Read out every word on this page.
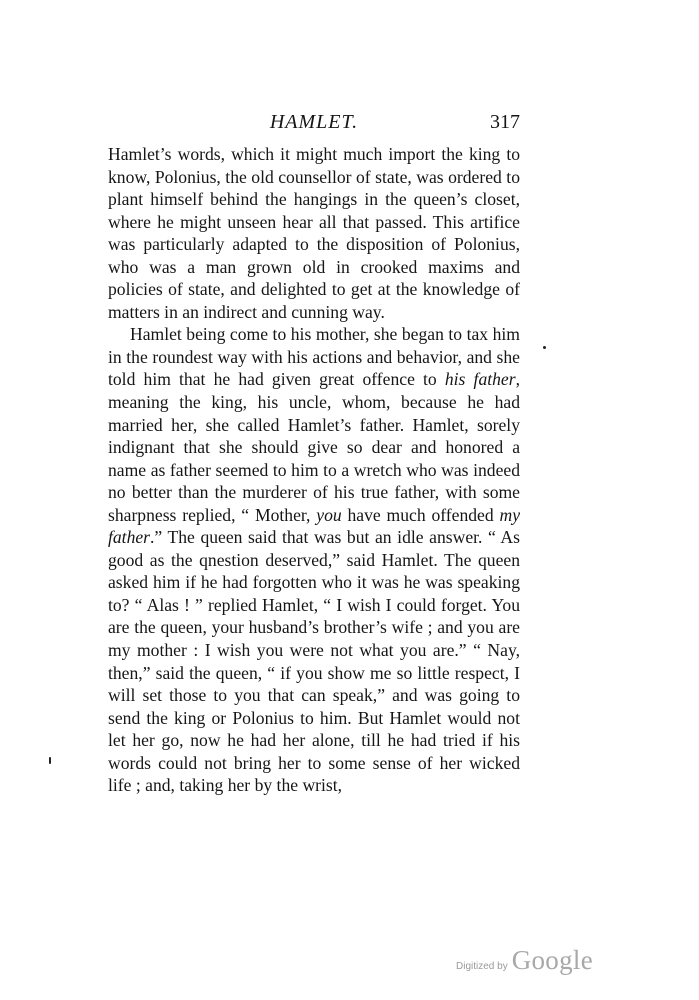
HAMLET.	317

Hamlet’s words, which it might much import the king to know, Polonius, the old counsellor of state, was ordered to plant himself behind the hangings in the queen’s closet, where he might unseen hear all that passed. This artifice was particularly adapted to the disposition of Polonius, who was a man grown old in crooked maxims and policies of state, and delighted to get at the knowledge of matters in an indirect and cunning way.

Hamlet being come to his mother, she began to tax him in the roundest way with his actions and behavior, and she told him that he had given great offence to his father, meaning the king, his uncle, whom, because he had married her, she called Hamlet’s father. Hamlet, sorely indignant that she should give so dear and honored a name as father seemed to him to a wretch who was indeed no better than the murderer of his true father, with some sharpness replied, “ Mother, you have much offended my father.” The queen said that was but an idle answer. “ As good as the qnestion deserved,” said Hamlet. The queen asked him if he had forgotten who it was he was speaking to? “ Alas ! ” replied Hamlet, “ I wish I could forget. You are the queen, your husband’s brother’s wife ; and you are my mother : I wish you were not what you are.” “ Nay, then,” said the queen, “ if you show me so little respect, I will set those to you that can speak,” and was going to send the king or Polonius to him. But Hamlet would not let her go, now he had her alone, till he had tried if his words could not bring her to some sense of her wicked life ; and, taking her by the wrist,

Digitized by Google
